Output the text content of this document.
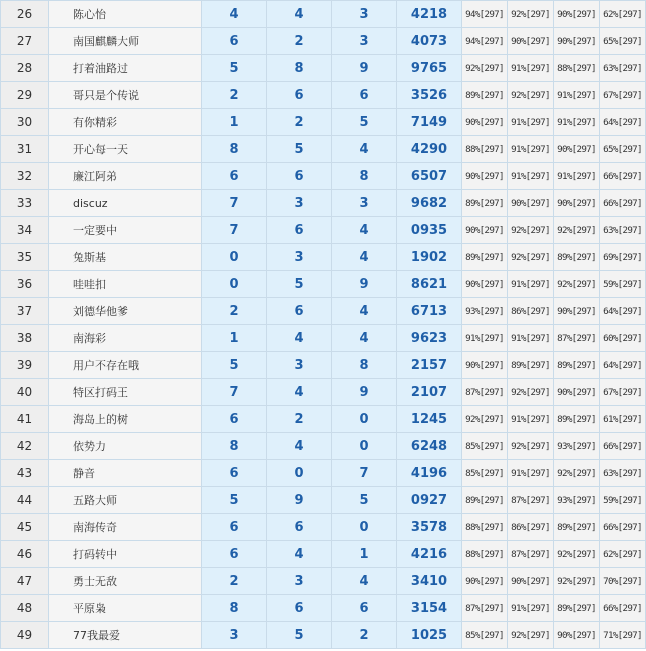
26	陈心怡	4	4	3	4218	94%[297]	92%[297]	90%[297]	62%[297]
27	南国麒麟大师	6	2	3	4073	94%[297]	90%[297]	90%[297]	65%[297]
28	打着油路过	5	8	9	9765	92%[297]	91%[297]	88%[297]	63%[297]
29	哥只是个传说	2	6	6	3526	89%[297]	92%[297]	91%[297]	67%[297]
30	有你精彩	1	2	5	7149	90%[297]	91%[297]	91%[297]	64%[297]
31	开心每一天	8	5	4	4290	88%[297]	91%[297]	90%[297]	65%[297]
32	廉江阿弟	6	6	8	6507	90%[297]	91%[297]	91%[297]	66%[297]
33	discuz	7	3	3	9682	89%[297]	90%[297]	90%[297]	66%[297]
34	一定要中	7	6	4	0935	90%[297]	92%[297]	92%[297]	63%[297]
35	兔斯基	0	3	4	1902	89%[297]	92%[297]	89%[297]	69%[297]
36	哇哇扣	0	5	9	8621	90%[297]	91%[297]	92%[297]	59%[297]
37	刘德华他爹	2	6	4	6713	93%[297]	86%[297]	90%[297]	64%[297]
38	南海彩	1	4	4	9623	91%[297]	91%[297]	87%[297]	60%[297]
39	用户不存在哦	5	3	8	2157	90%[297]	89%[297]	89%[297]	64%[297]
40	特区打码王	7	4	9	2107	87%[297]	92%[297]	90%[297]	67%[297]
41	海岛上的树	6	2	0	1245	92%[297]	91%[297]	89%[297]	61%[297]
42	依势力	8	4	0	6248	85%[297]	92%[297]	93%[297]	66%[297]
43	静音	6	0	7	4196	85%[297]	91%[297]	92%[297]	63%[297]
44	五路大师	5	9	5	0927	89%[297]	87%[297]	93%[297]	59%[297]
45	南海传奇	6	6	0	3578	88%[297]	86%[297]	89%[297]	66%[297]
46	打码转中	6	4	1	4216	88%[297]	87%[297]	92%[297]	62%[297]
47	勇士无敌	2	3	4	3410	90%[297]	90%[297]	92%[297]	70%[297]
48	平原枭	8	6	6	3154	87%[297]	91%[297]	89%[297]	66%[297]
49	77我最爱	3	5	2	1025	85%[297]	92%[297]	90%[297]	71%[297]
